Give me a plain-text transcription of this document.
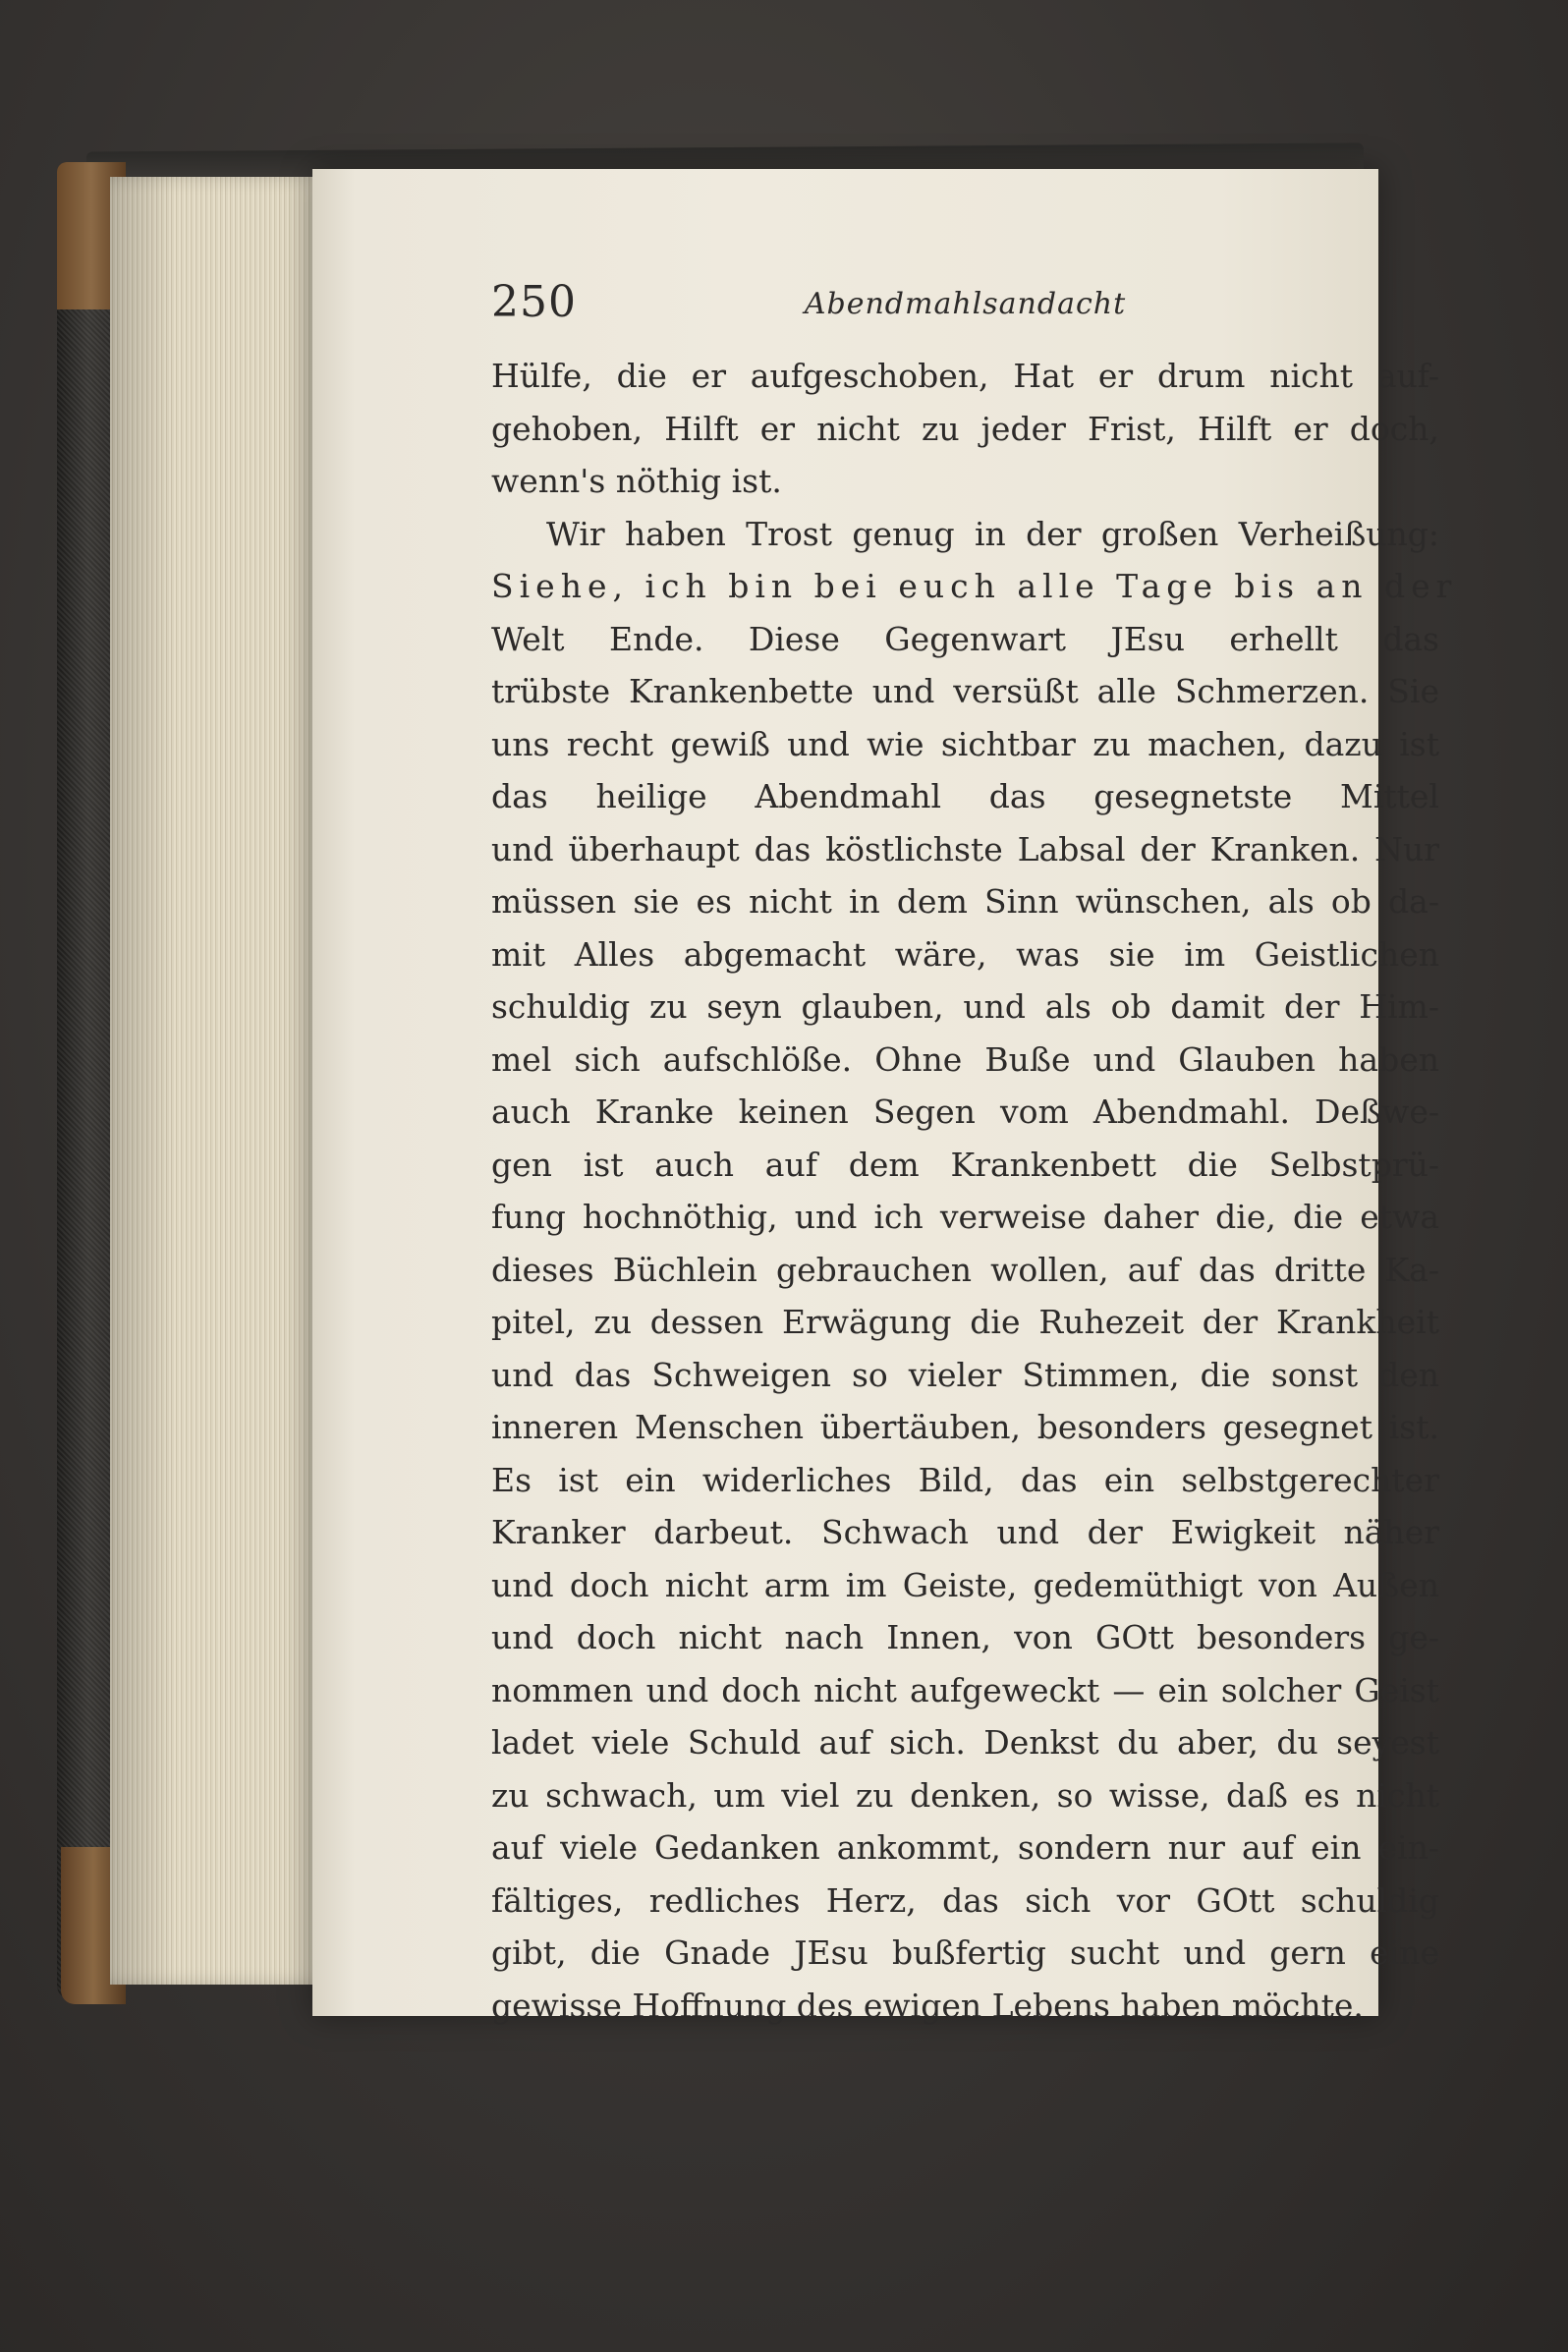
250	Abendmahlsandacht
Hülfe, die er aufgeschoben, Hat er drum nicht auf-
gehoben, Hilft er nicht zu jeder Frist, Hilft er doch,
wenn's nöthig ist.
Wir haben Trost genug in der großen Verheißung:
Siehe, ich bin bei euch alle Tage bis an der
Welt Ende. Diese Gegenwart JEsu erhellt das
trübste Krankenbette und versüßt alle Schmerzen. Sie
uns recht gewiß und wie sichtbar zu machen, dazu ist
das heilige Abendmahl das gesegnetste Mittel
und überhaupt das köstlichste Labsal der Kranken. Nur
müssen sie es nicht in dem Sinn wünschen, als ob da-
mit Alles abgemacht wäre, was sie im Geistlichen
schuldig zu seyn glauben, und als ob damit der Him-
mel sich aufschlöße. Ohne Buße und Glauben haben
auch Kranke keinen Segen vom Abendmahl. Deßwe-
gen ist auch auf dem Krankenbett die Selbstprü-
fung hochnöthig, und ich verweise daher die, die etwa
dieses Büchlein gebrauchen wollen, auf das dritte Ka-
pitel, zu dessen Erwägung die Ruhezeit der Krankheit
und das Schweigen so vieler Stimmen, die sonst den
inneren Menschen übertäuben, besonders gesegnet ist.
Es ist ein widerliches Bild, das ein selbstgerechter
Kranker darbeut. Schwach und der Ewigkeit näher
und doch nicht arm im Geiste, gedemüthigt von Außen
und doch nicht nach Innen, von GOtt besonders ge-
nommen und doch nicht aufgeweckt — ein solcher Geist
ladet viele Schuld auf sich. Denkst du aber, du seyest
zu schwach, um viel zu denken, so wisse, daß es nicht
auf viele Gedanken ankommt, sondern nur auf ein ein-
fältiges, redliches Herz, das sich vor GOtt schuldig
gibt, die Gnade JEsu bußfertig sucht und gern eine
gewisse Hoffnung des ewigen Lebens haben möchte.
